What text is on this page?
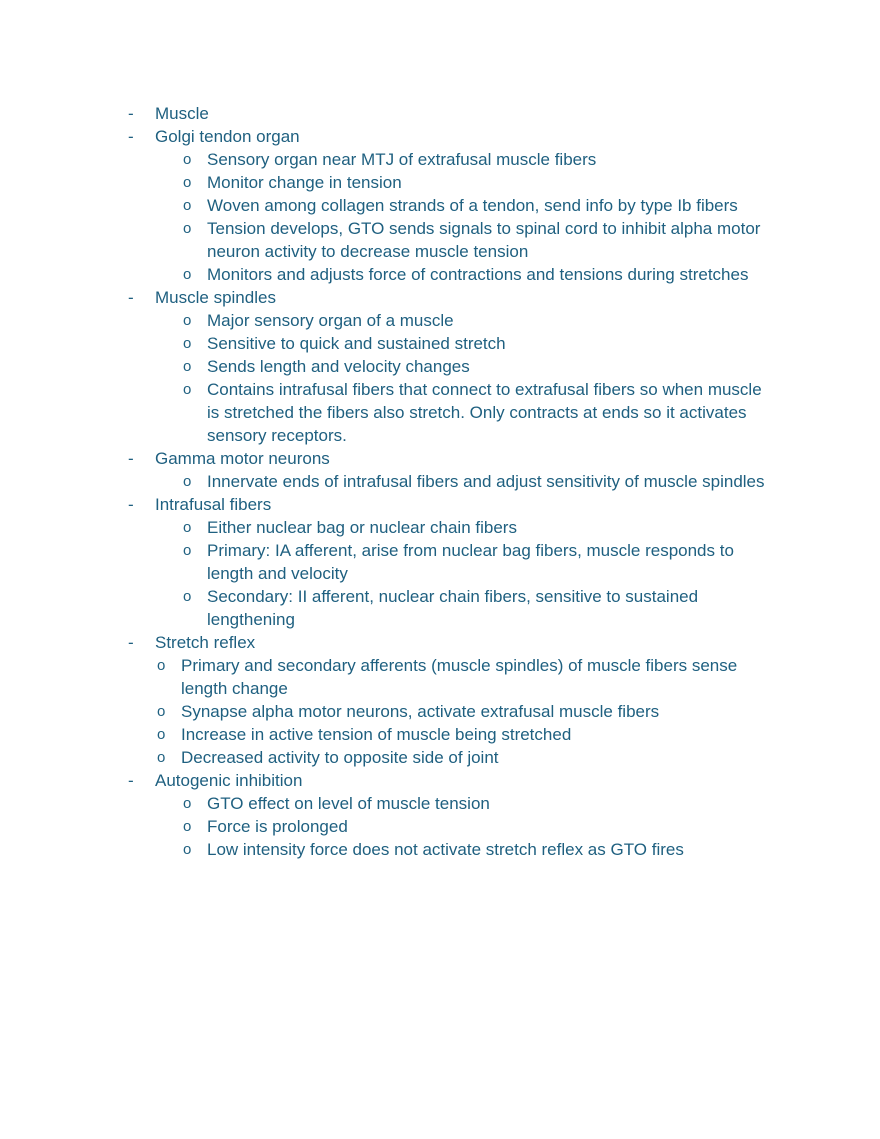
- Muscle
- Golgi tendon organ
o Sensory organ near MTJ of extrafusal muscle fibers
o Monitor change in tension
o Woven among collagen strands of a tendon, send info by type Ib fibers
o Tension develops, GTO sends signals to spinal cord to inhibit alpha motor
neuron activity to decrease muscle tension
o Monitors and adjusts force of contractions and tensions during stretches
- Muscle spindles
o Major sensory organ of a muscle
o Sensitive to quick and sustained stretch
o Sends length and velocity changes
o Contains intrafusal fibers that connect to extrafusal fibers so when muscle
is stretched the fibers also stretch. Only contracts at ends so it activates
sensory receptors.
- Gamma motor neurons
o Innervate ends of intrafusal fibers and adjust sensitivity of muscle spindles
- Intrafusal fibers
o Either nuclear bag or nuclear chain fibers
o Primary: IA afferent, arise from nuclear bag fibers, muscle responds to
length and velocity
o Secondary: II afferent, nuclear chain fibers, sensitive to sustained
lengthening
- Stretch reflex
o Primary and secondary afferents (muscle spindles) of muscle fibers sense
length change
o Synapse alpha motor neurons, activate extrafusal muscle fibers
o Increase in active tension of muscle being stretched
o Decreased activity to opposite side of joint
- Autogenic inhibition
o GTO effect on level of muscle tension
o Force is prolonged
o Low intensity force does not activate stretch reflex as GTO fires
